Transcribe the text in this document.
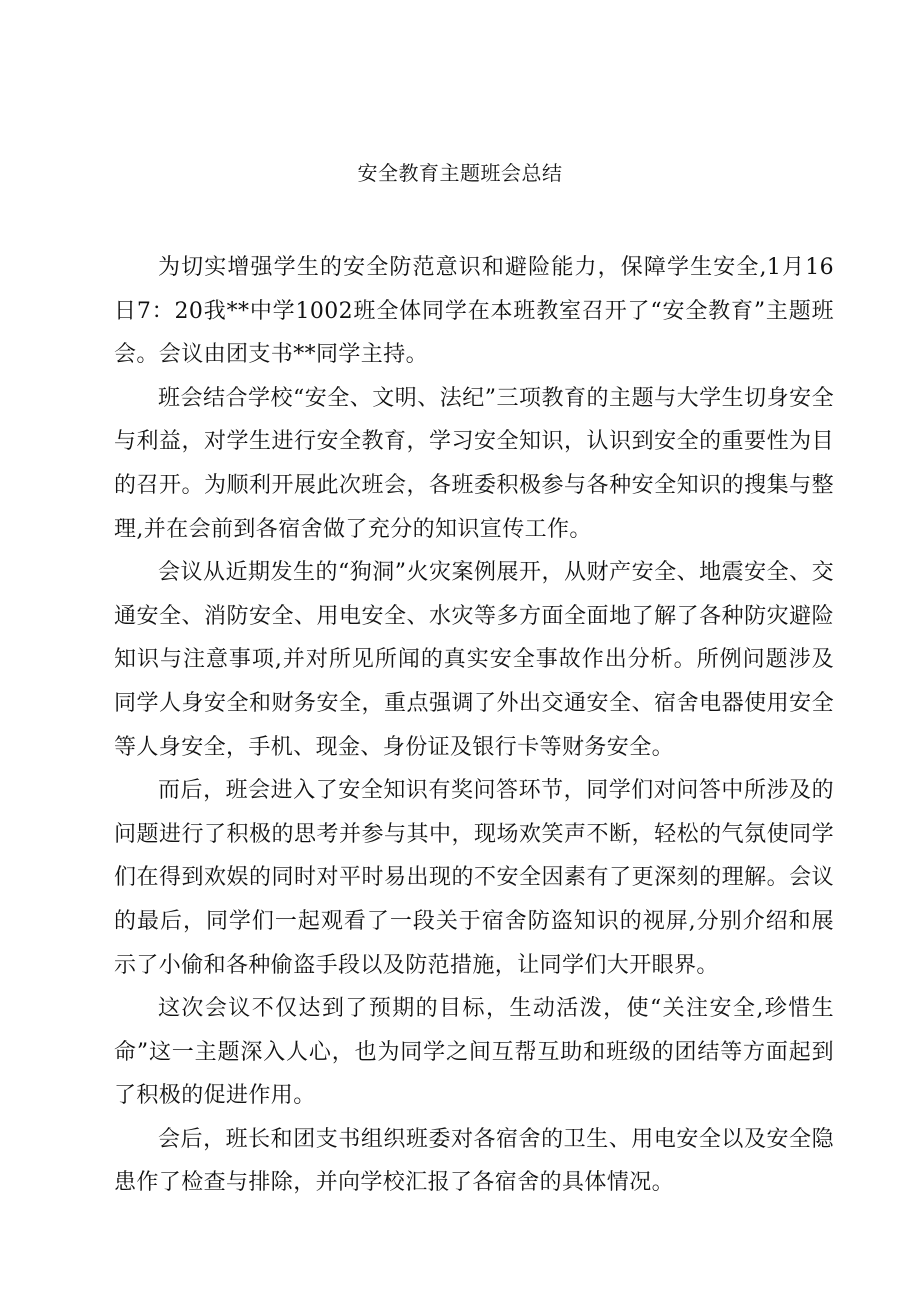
安全教育主题班会总结

为切实增强学生的安全防范意识和避险能力，保障学生安全,1月16日7：20我**中学1002班全体同学在本班教室召开了“安全教育”主题班会。会议由团支书**同学主持。

班会结合学校“安全、文明、法纪”三项教育的主题与大学生切身安全与利益，对学生进行安全教育，学习安全知识，认识到安全的重要性为目的召开。为顺利开展此次班会，各班委积极参与各种安全知识的搜集与整理,并在会前到各宿舍做了充分的知识宣传工作。

会议从近期发生的“狗洞”火灾案例展开，从财产安全、地震安全、交通安全、消防安全、用电安全、水灾等多方面全面地了解了各种防灾避险知识与注意事项,并对所见所闻的真实安全事故作出分析。所例问题涉及同学人身安全和财务安全，重点强调了外出交通安全、宿舍电器使用安全等人身安全，手机、现金、身份证及银行卡等财务安全。

而后，班会进入了安全知识有奖问答环节，同学们对问答中所涉及的问题进行了积极的思考并参与其中，现场欢笑声不断，轻松的气氛使同学们在得到欢娱的同时对平时易出现的不安全因素有了更深刻的理解。会议的最后，同学们一起观看了一段关于宿舍防盗知识的视屏,分别介绍和展示了小偷和各种偷盗手段以及防范措施，让同学们大开眼界。

这次会议不仅达到了预期的目标，生动活泼，使“关注安全,珍惜生命”这一主题深入人心，也为同学之间互帮互助和班级的团结等方面起到了积极的促进作用。

会后，班长和团支书组织班委对各宿舍的卫生、用电安全以及安全隐患作了检查与排除，并向学校汇报了各宿舍的具体情况。
